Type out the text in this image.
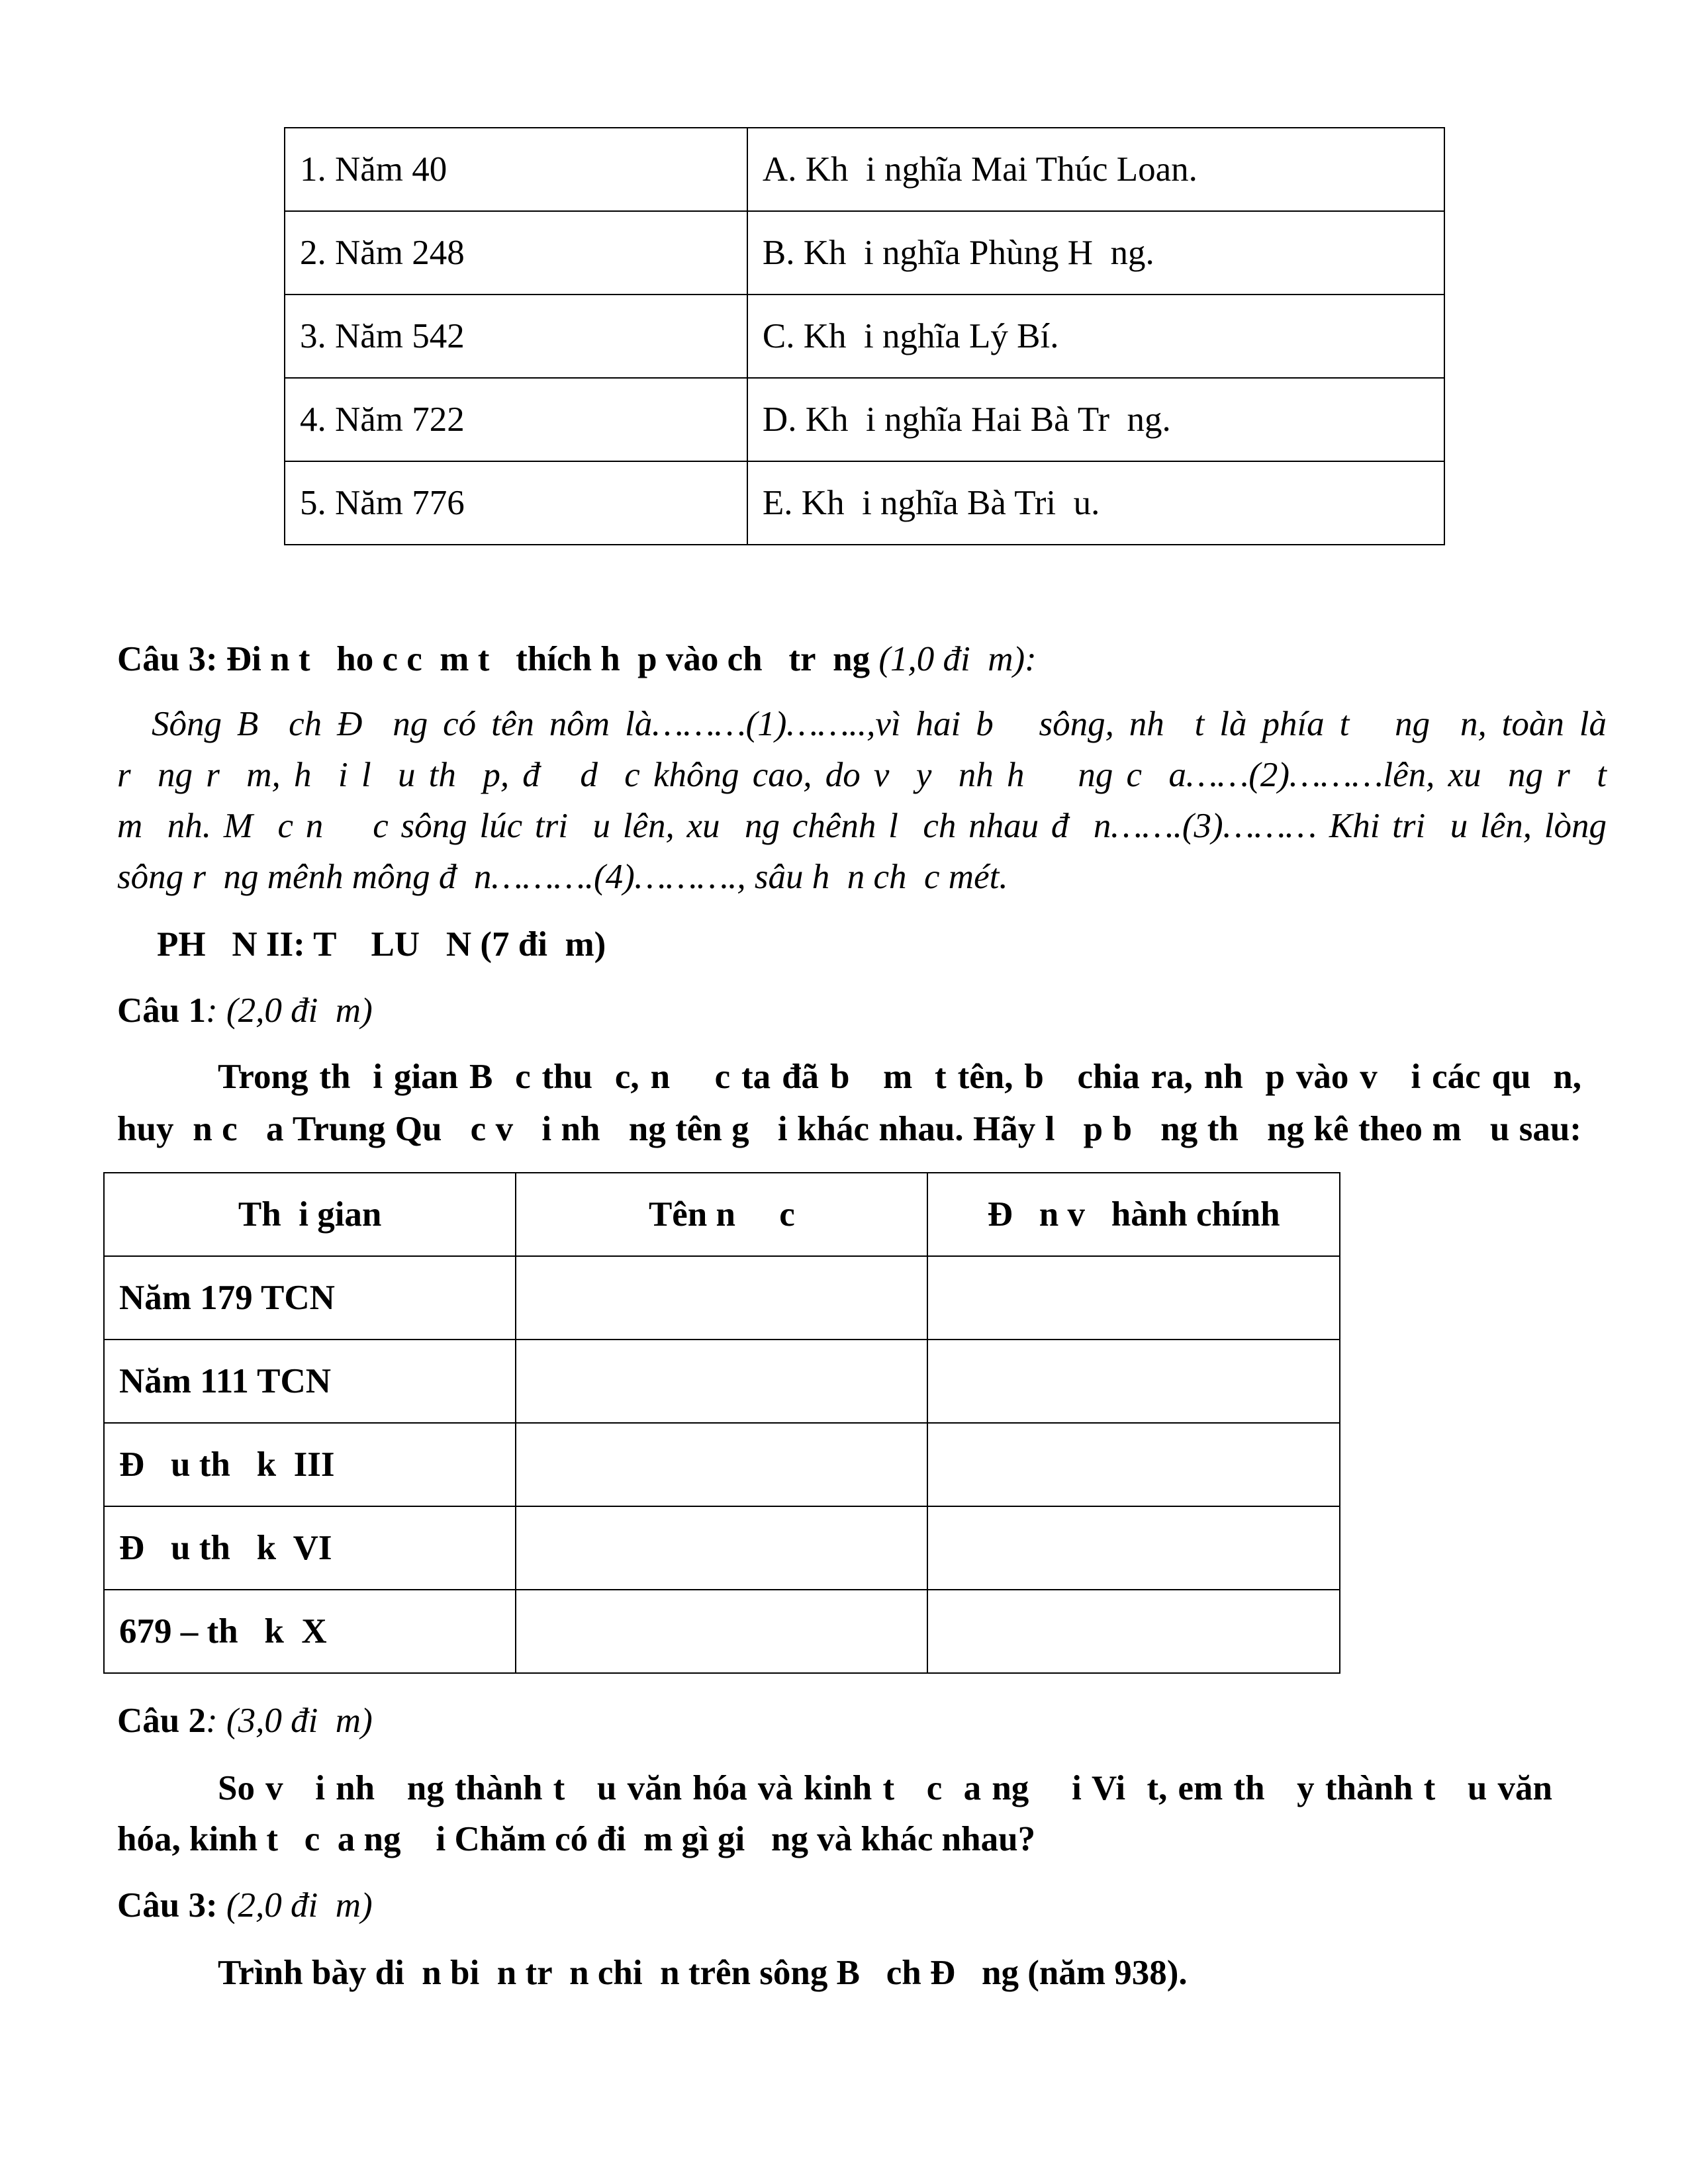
1. Năm 40	A. Kh  i nghĩa Mai Thúc Loan.
2. Năm 248	B. Kh  i nghĩa Phùng H  ng.
3. Năm 542	C. Kh  i nghĩa Lý Bí.
4. Năm 722	D. Kh  i nghĩa Hai Bà Tr  ng.
5. Năm 776	E. Kh  i nghĩa Bà Tri  u.
Câu 3: Đi n t   ho c c  m t   thích h  p vào ch   tr  ng (1,0 đi  m):
Sông B  ch Đ  ng có tên nôm là………(1)……..,vì hai b   sông, nh  t là phía t   ng  n, toàn là
r  ng r  m, h  i l  u th  p, đ   d  c không cao, do v  y  nh h    ng c  a……(2)………lên, xu  ng r  t
m  nh. M  c n    c sông lúc tri  u lên, xu  ng chênh l  ch nhau đ  n…….(3)……… Khi tri  u lên, lòng
sông r  ng mênh mông đ  n……….(4)………., sâu h  n ch  c mét.
PH   N II: T    LU   N (7 đi  m)
Câu 1: (2,0 đi  m)
Trong th  i gian B  c thu  c, n    c ta đã b   m  t tên, b   chia ra, nh  p vào v   i các qu  n,
huy  n c   a Trung Qu   c v   i nh   ng tên g   i khác nhau. Hãy l   p b   ng th   ng kê theo m   u sau:
Th  i gian	Tên n     c	Đ   n v   hành chính
Năm 179 TCN		
Năm 111 TCN		
Đ   u th   k  III		
Đ   u th   k  VI		
679 – th   k  X		
Câu 2: (3,0 đi  m)
So v   i nh   ng thành t   u văn hóa và kinh t   c  a ng    i Vi  t, em th   y thành t   u văn
hóa, kinh t   c  a ng    i Chăm có đi  m gì gi   ng và khác nhau?
Câu 3: (2,0 đi  m)
Trình bày di  n bi  n tr  n chi  n trên sông B   ch Đ   ng (năm 938).
